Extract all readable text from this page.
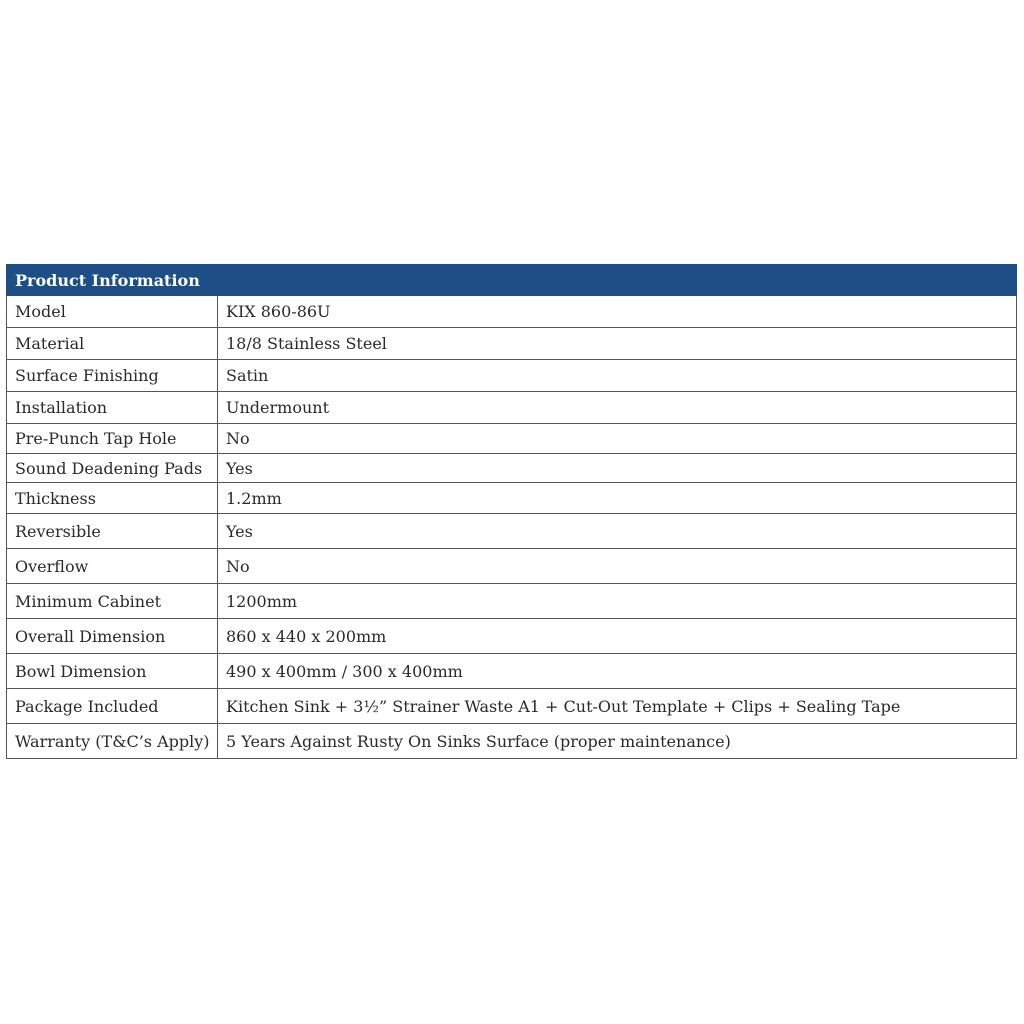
Product Information	
Model	KIX 860-86U
Material	18/8 Stainless Steel
Surface Finishing	Satin
Installation	Undermount
Pre-Punch Tap Hole	No
Sound Deadening Pads	Yes
Thickness	1.2mm
Reversible	Yes
Overflow	No
Minimum Cabinet	1200mm
Overall Dimension	860 x 440 x 200mm
Bowl Dimension	490 x 400mm / 300 x 400mm
Package Included	Kitchen Sink + 3½” Strainer Waste A1 + Cut-Out Template + Clips + Sealing Tape
Warranty (T&C’s Apply)	5 Years Against Rusty On Sinks Surface (proper maintenance)
